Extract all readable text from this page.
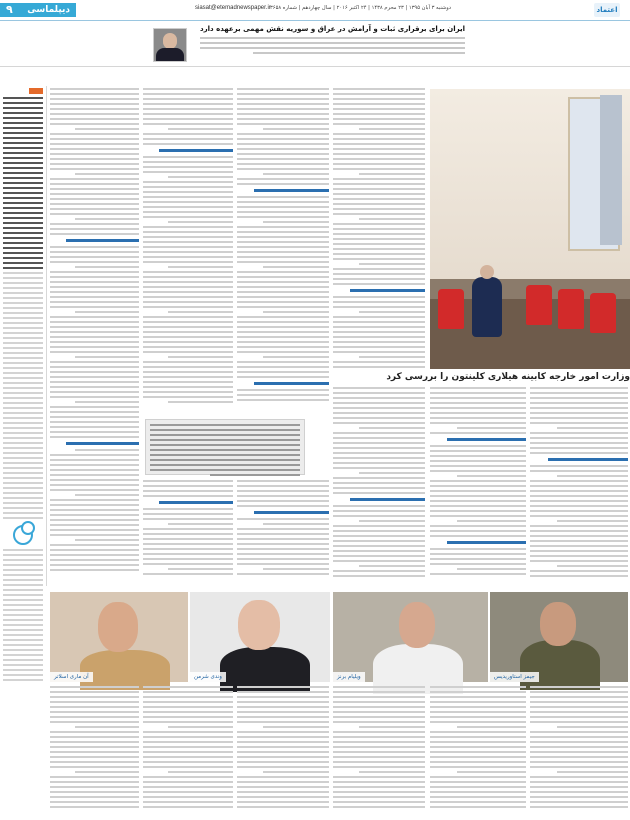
۹ دیپلماسی	siasat@etemadnewspaper.ir دوشنبه ۳ آبان ۱۳۹۵ | ۲۳ محرم ۱۴۳۸ | ۲۴ اکتبر ۲۰۱۶ | سال چهاردهم | شماره ۳۶۵۸	اعتماد
ایران برای برقراری ثبات و آرامش در عراق و سوریه نقش مهمی برعهده دارد
وزارت امور خارجه کابینه هیلاری کلینتون را بررسی کرد
جیمز استاوریدیس
ویلیام برنز
وندی شرمن
آن ماری اسلاتر
